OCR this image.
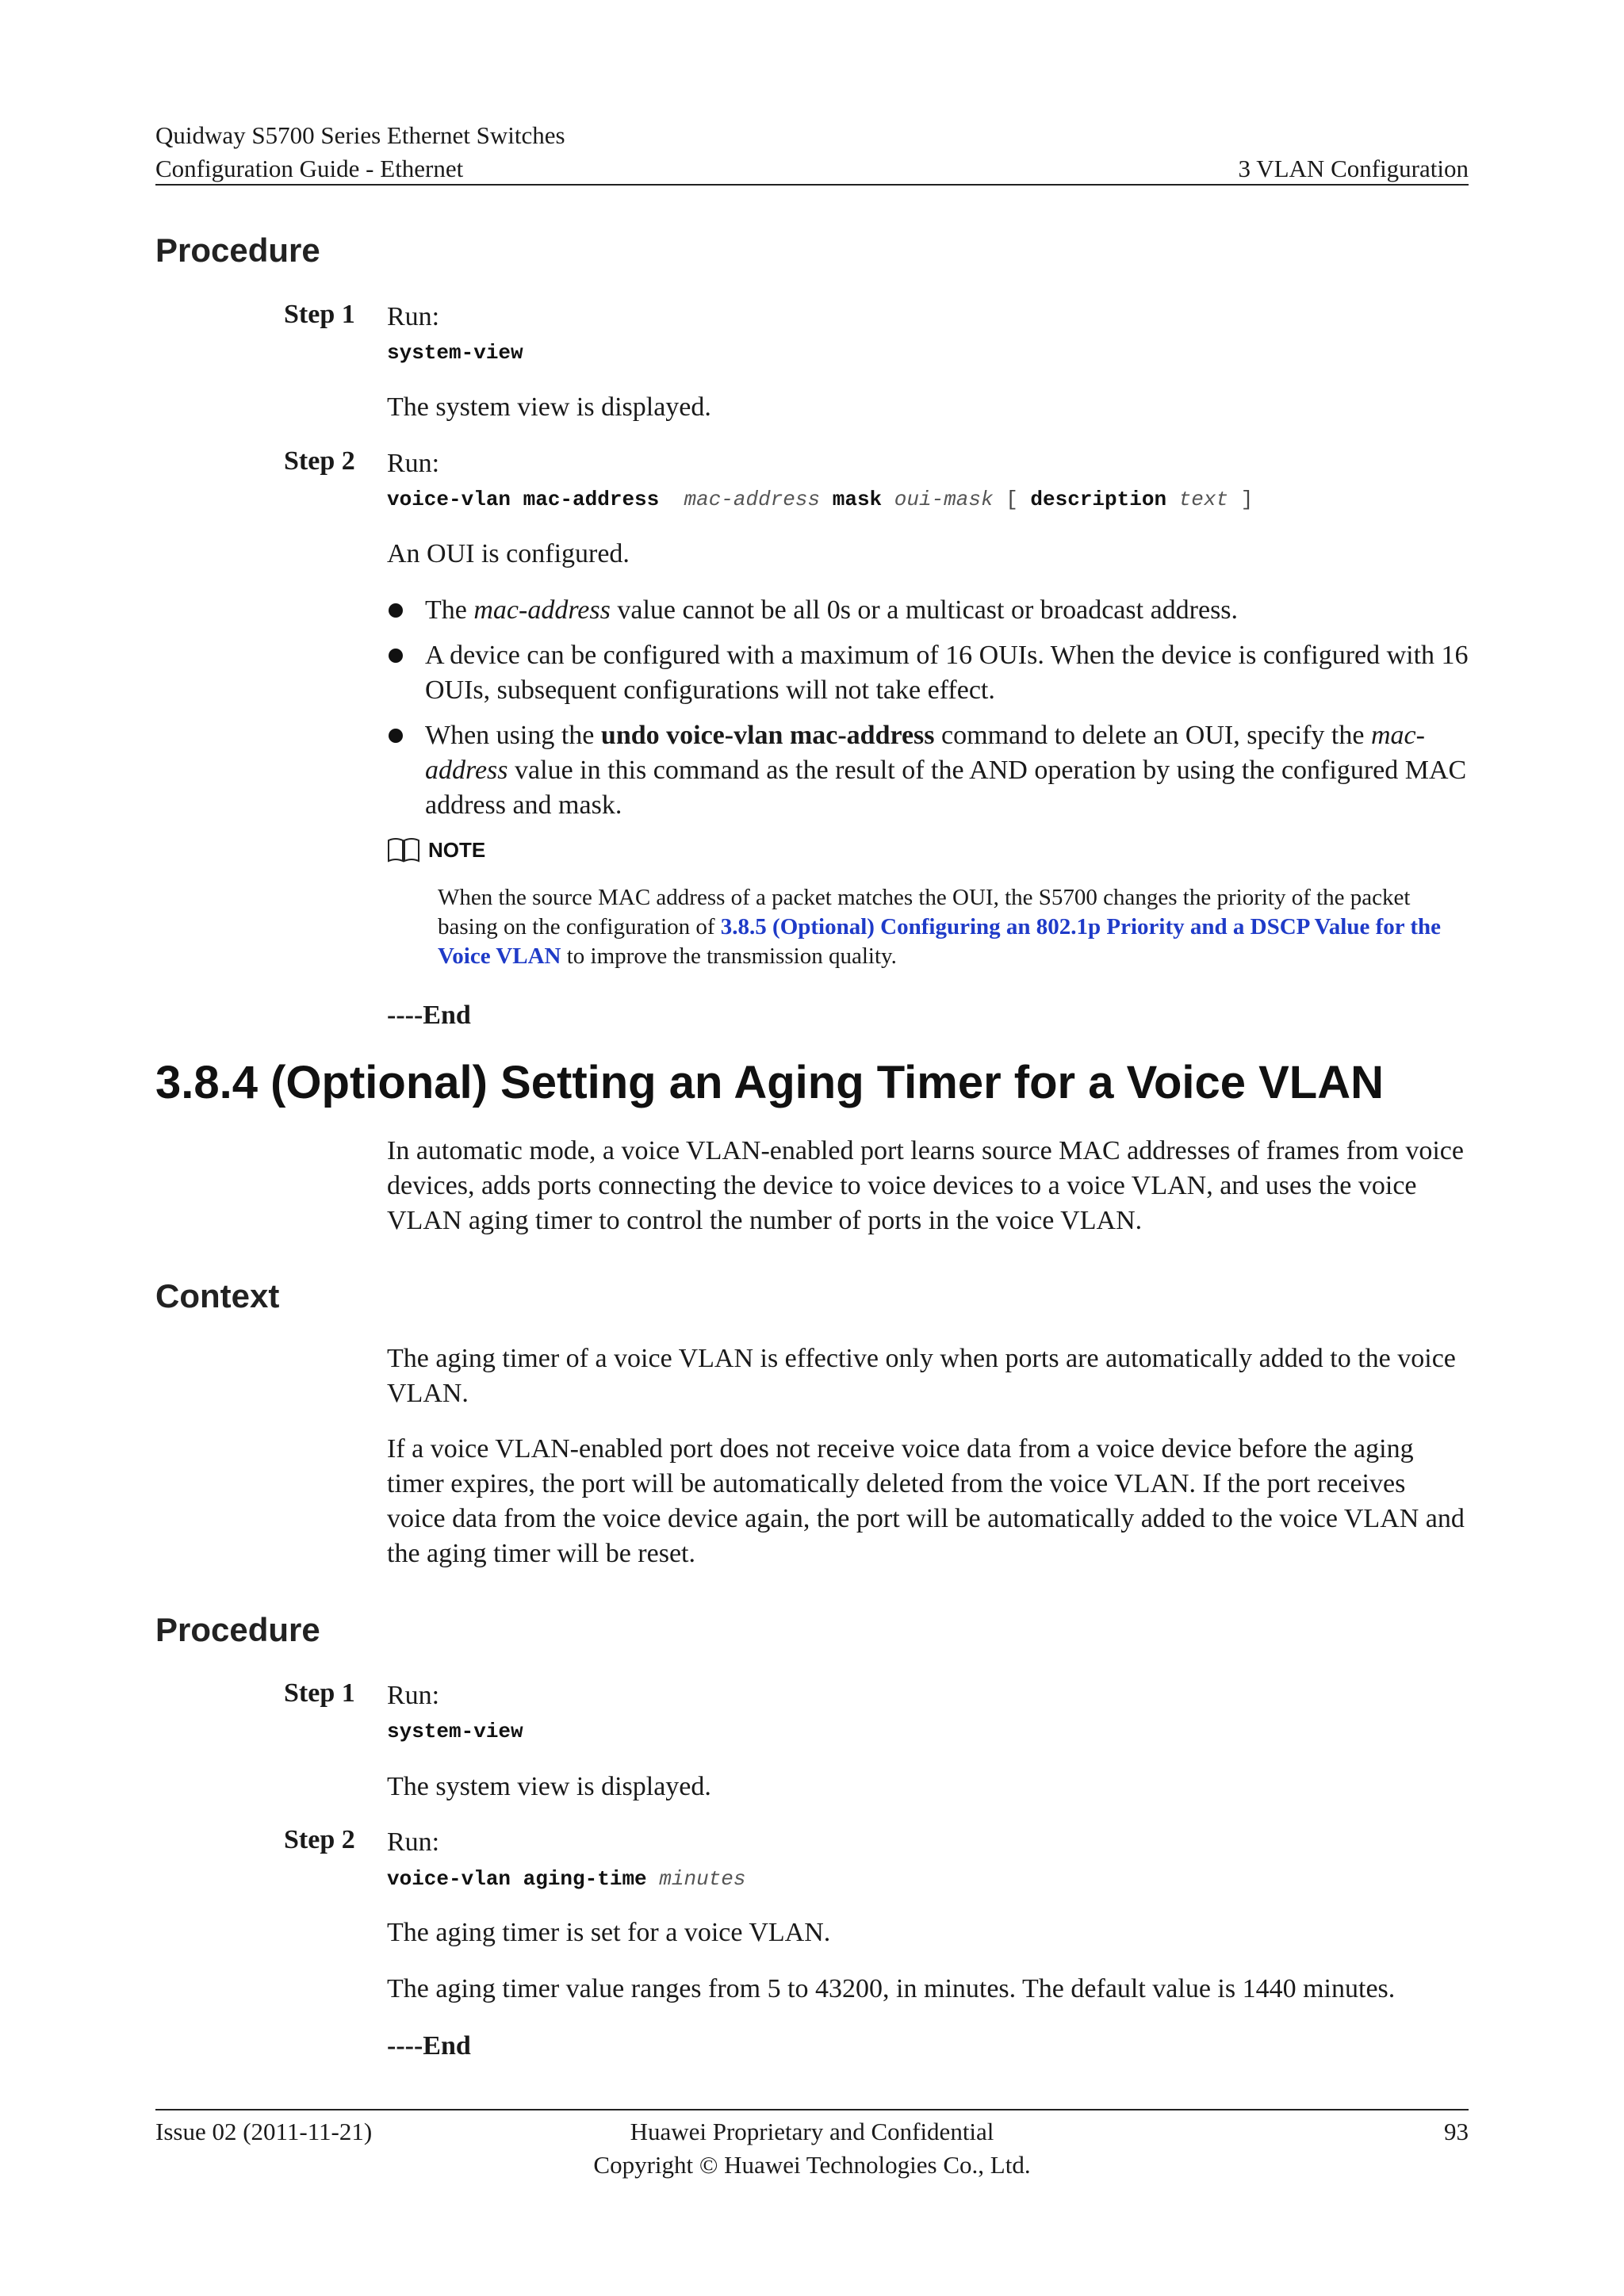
Quidway S5700 Series Ethernet Switches
Configuration Guide - Ethernet	3 VLAN Configuration
Procedure
Step 1 Run:
system-view
The system view is displayed.
Step 2 Run:
voice-vlan mac-address mac-address mask oui-mask [ description text ]
An OUI is configured.
The mac-address value cannot be all 0s or a multicast or broadcast address.
A device can be configured with a maximum of 16 OUIs. When the device is configured with 16 OUIs, subsequent configurations will not take effect.
When using the undo voice-vlan mac-address command to delete an OUI, specify the mac-address value in this command as the result of the AND operation by using the configured MAC address and mask.
NOTE
When the source MAC address of a packet matches the OUI, the S5700 changes the priority of the packet basing on the configuration of 3.8.5 (Optional) Configuring an 802.1p Priority and a DSCP Value for the Voice VLAN to improve the transmission quality.
----End
3.8.4 (Optional) Setting an Aging Timer for a Voice VLAN
In automatic mode, a voice VLAN-enabled port learns source MAC addresses of frames from voice devices, adds ports connecting the device to voice devices to a voice VLAN, and uses the voice VLAN aging timer to control the number of ports in the voice VLAN.
Context
The aging timer of a voice VLAN is effective only when ports are automatically added to the voice VLAN.
If a voice VLAN-enabled port does not receive voice data from a voice device before the aging timer expires, the port will be automatically deleted from the voice VLAN. If the port receives voice data from the voice device again, the port will be automatically added to the voice VLAN and the aging timer will be reset.
Procedure
Step 1 Run:
system-view
The system view is displayed.
Step 2 Run:
voice-vlan aging-time minutes
The aging timer is set for a voice VLAN.
The aging timer value ranges from 5 to 43200, in minutes. The default value is 1440 minutes.
----End
Issue 02 (2011-11-21)	Huawei Proprietary and Confidential
Copyright © Huawei Technologies Co., Ltd.
93
